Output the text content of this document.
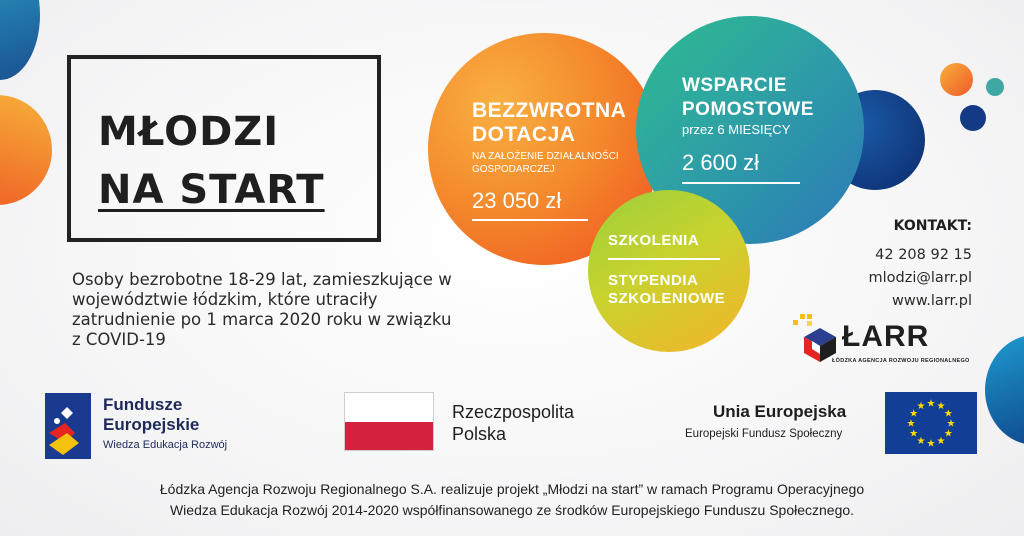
MŁODZI
NA START
Osoby bezrobotne 18-29 lat, zamieszkujące w województwie łódzkim, które utraciły zatrudnienie po 1 marca 2020 roku w związku z COVID-19
BEZZWROTNA
DOTACJA
NA ZAŁOŻENIE DZIAŁALNOŚCI
GOSPODARCZEJ
23 050 zł
WSPARCIE
POMOSTOWE
przez 6 MIESIĘCY
2 600 zł
SZKOLENIA
STYPENDIA
SZKOLENIOWE
KONTAKT:
42 208 92 15
mlodzi@larr.pl
www.larr.pl
ŁARR
ŁÓDZKA AGENCJA ROZWOJU REGIONALNEGO
Fundusze
Europejskie
Wiedza Edukacja Rozwój
Rzeczpospolita
Polska
Unia Europejska
Europejski Fundusz Społeczny
★ ★
★
★
★
★
★
★
★
★
★
★
Łódzka Agencja Rozwoju Regionalnego S.A. realizuje projekt „Młodzi na start” w ramach Programu Operacyjnego
Wiedza Edukacja Rozwój 2014-2020 współfinansowanego ze środków Europejskiego Funduszu Społecznego.
